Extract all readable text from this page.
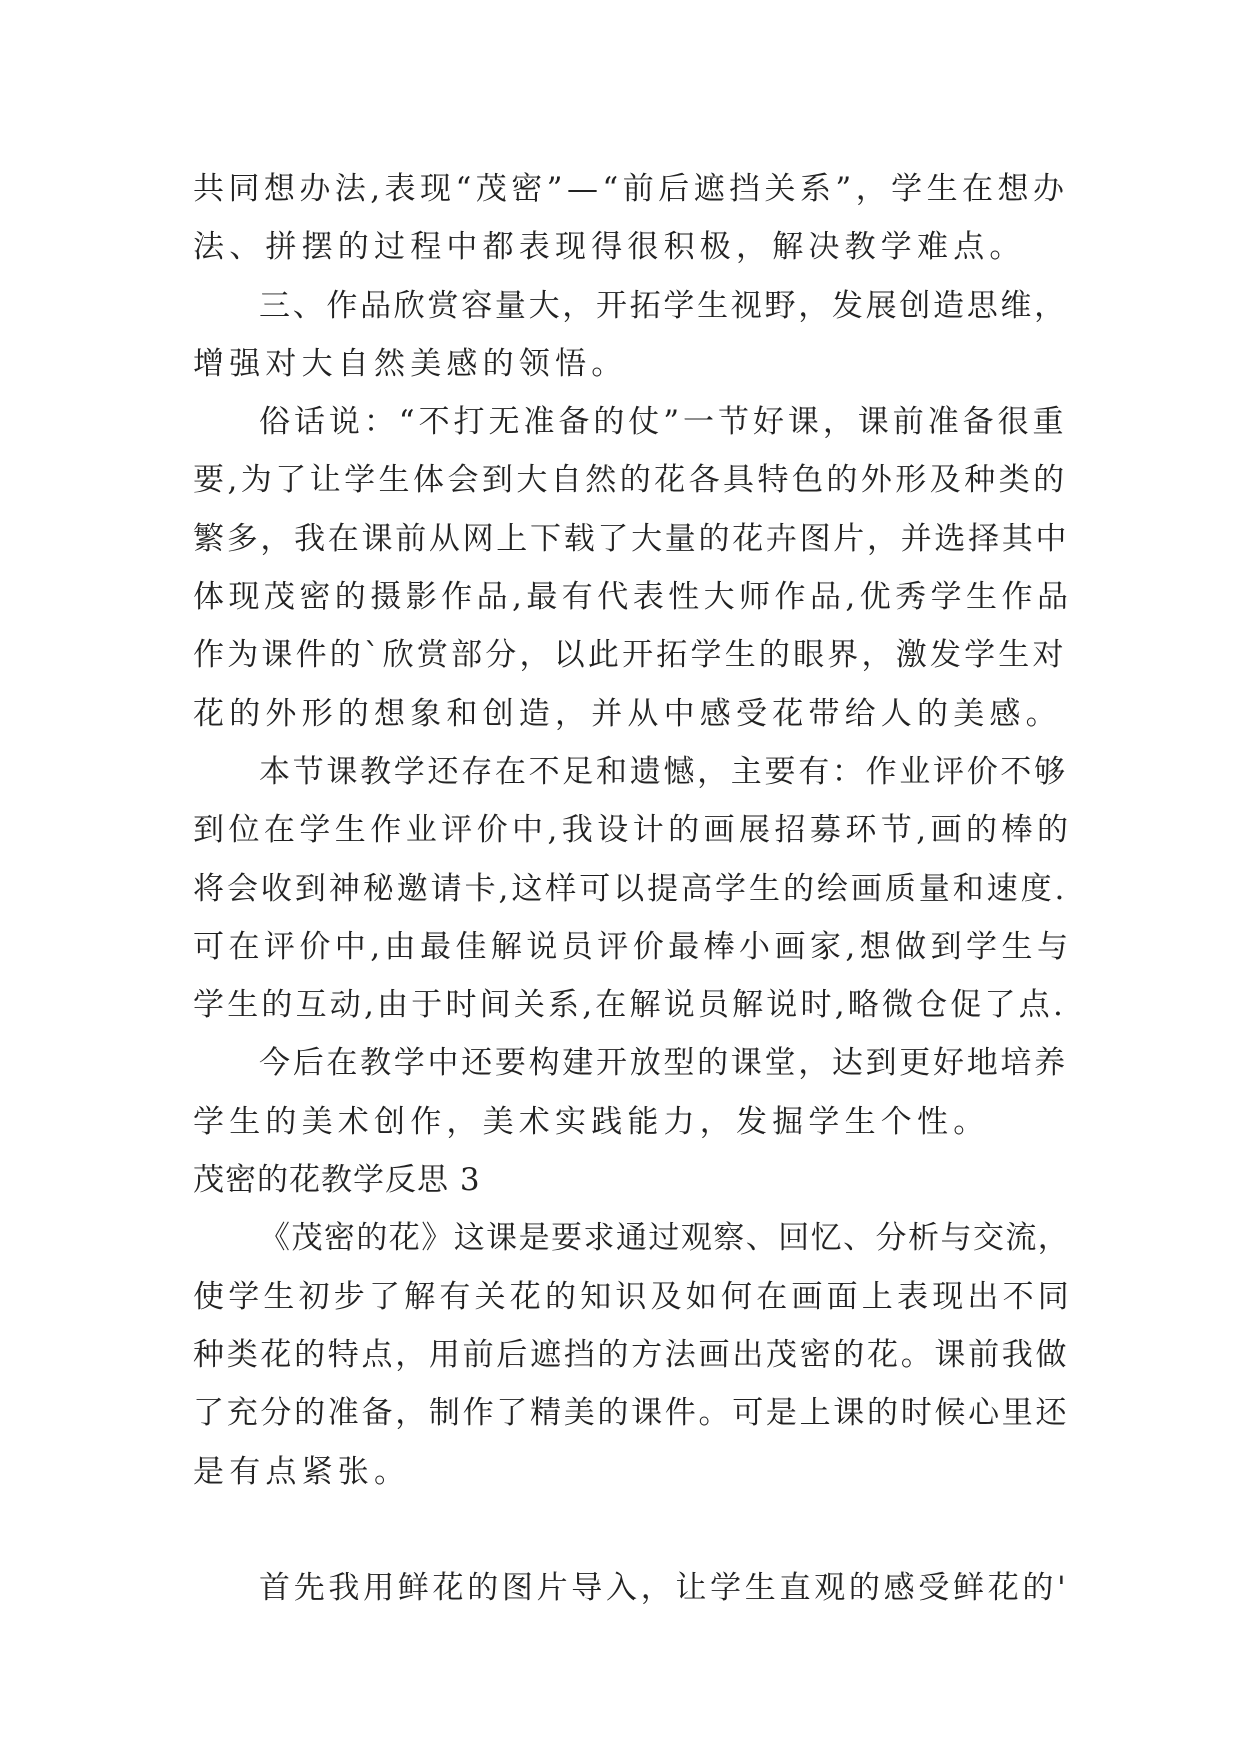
共同想办法,表现“茂密”—“前后遮挡关系”，学生在想办
法、拼摆的过程中都表现得很积极，解决教学难点。
三、作品欣赏容量大，开拓学生视野，发展创造思维，
增强对大自然美感的领悟。
俗话说：“不打无准备的仗”一节好课，课前准备很重
要,为了让学生体会到大自然的花各具特色的外形及种类的
繁多，我在课前从网上下载了大量的花卉图片，并选择其中
体现茂密的摄影作品,最有代表性大师作品,优秀学生作品
作为课件的`欣赏部分，以此开拓学生的眼界，激发学生对
花的外形的想象和创造，并从中感受花带给人的美感。
本节课教学还存在不足和遗憾，主要有：作业评价不够
到位在学生作业评价中,我设计的画展招募环节,画的棒的
将会收到神秘邀请卡,这样可以提高学生的绘画质量和速度.
可在评价中,由最佳解说员评价最棒小画家,想做到学生与
学生的互动,由于时间关系,在解说员解说时,略微仓促了点.
今后在教学中还要构建开放型的课堂，达到更好地培养
学生的美术创作，美术实践能力，发掘学生个性。
茂密的花教学反思 3
《茂密的花》这课是要求通过观察、回忆、分析与交流，
使学生初步了解有关花的知识及如何在画面上表现出不同
种类花的特点，用前后遮挡的方法画出茂密的花。课前我做
了充分的准备，制作了精美的课件。可是上课的时候心里还
是有点紧张。
首先我用鲜花的图片导入，让学生直观的感受鲜花的'
